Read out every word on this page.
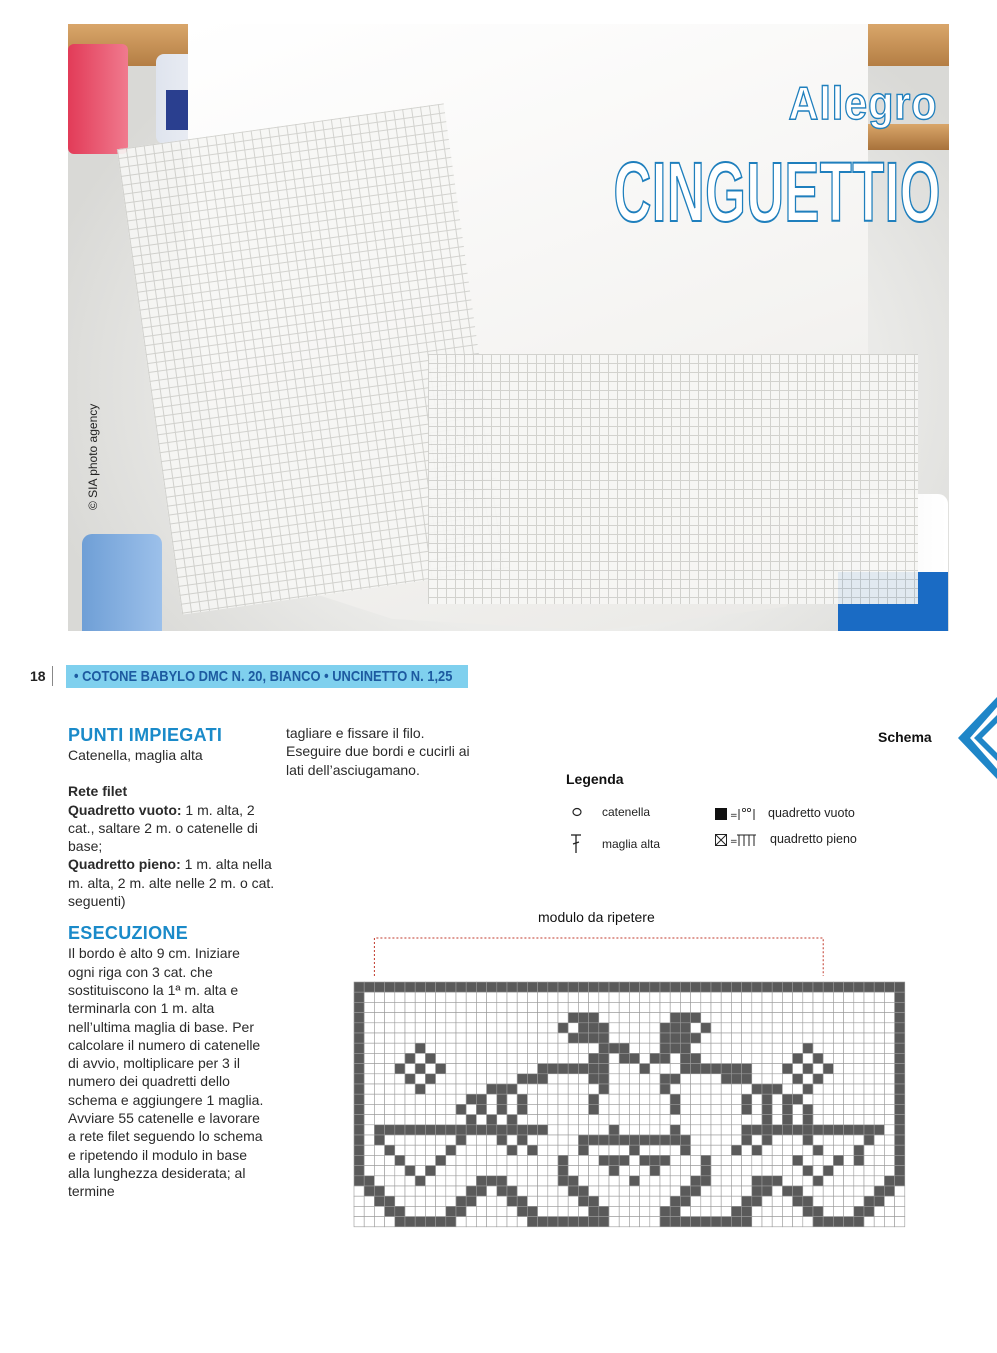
Allegro
CINGUETTIO
© SIA photo agency
18	• COTONE BABYLO DMC N. 20, BIANCO • UNCINETTO N. 1,25
PUNTI IMPIEGATI
Catenella, maglia alta
Rete filet
Quadretto vuoto: 1 m. alta, 2 cat., saltare 2 m. o catenelle di base;
Quadretto pieno: 1 m. alta nella m. alta, 2 m. alte nelle 2 m. o cat. seguenti)
ESECUZIONE
Il bordo è alto 9 cm. Iniziare ogni riga con 3 cat. che sostituiscono la 1ª m. alta e terminarla con 1 m. alta nell’ultima maglia di base. Per calcolare il numero di catenelle di avvio, moltiplicare per 3 il numero dei quadretti dello schema e aggiungere 1 maglia. Avviare 55 catenelle e lavorare a rete filet seguendo lo schema e ripetendo il modulo in base alla lunghezza desiderata; al termine
tagliare e fissare il filo. Eseguire due bordi e cucirli ai lati dell’asciugamano.
Schema
Legenda
catenella
maglia alta
= quadretto vuoto
=	quadretto pieno
modulo da ripetere
